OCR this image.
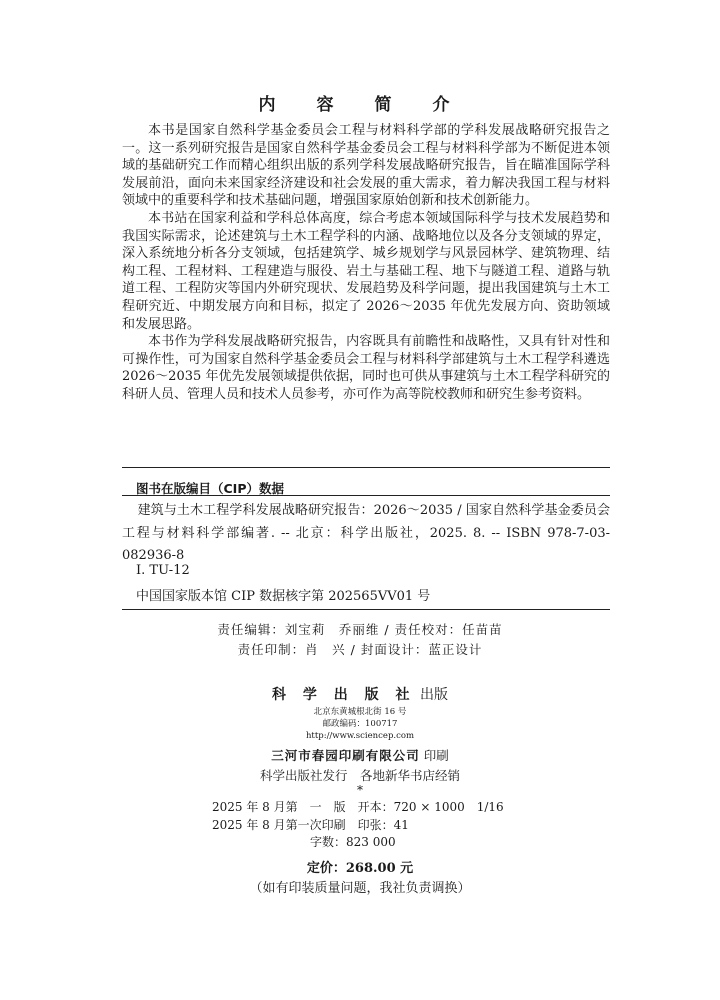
内　容　简　介

本书是国家自然科学基金委员会工程与材料科学部的学科发展战略研究报告之一。这一系列研究报告是国家自然科学基金委员会工程与材料科学部为不断促进本领域的基础研究工作而精心组织出版的系列学科发展战略研究报告，旨在瞄准国际学科发展前沿，面向未来国家经济建设和社会发展的重大需求，着力解决我国工程与材料领域中的重要科学和技术基础问题，增强国家原始创新和技术创新能力。

本书站在国家利益和学科总体高度，综合考虑本领域国际科学与技术发展趋势和我国实际需求，论述建筑与土木工程学科的内涵、战略地位以及各分支领域的界定，深入系统地分析各分支领域，包括建筑学、城乡规划学与风景园林学、建筑物理、结构工程、工程材料、工程建造与服役、岩土与基础工程、地下与隧道工程、道路与轨道工程、工程防灾等国内外研究现状、发展趋势及科学问题，提出我国建筑与土木工程研究近、中期发展方向和目标，拟定了 2026～2035 年优先发展方向、资助领域和发展思路。

本书作为学科发展战略研究报告，内容既具有前瞻性和战略性，又具有针对性和可操作性，可为国家自然科学基金委员会工程与材料科学部建筑与土木工程学科遴选 2026～2035 年优先发展领域提供依据，同时也可供从事建筑与土木工程学科研究的科研人员、管理人员和技术人员参考，亦可作为高等院校教师和研究生参考资料。

图书在版编目（CIP）数据
建筑与土木工程学科发展战略研究报告：2026～2035 / 国家自然科学基金委员会工程与材料科学部编著. -- 北京：科学出版社，2025. 8. -- ISBN 978-7-03-082936-8
Ⅰ. TU-12
中国国家版本馆 CIP 数据核字第 202565VV01 号
责任编辑：刘宝莉　乔丽维 / 责任校对：任苗苗
责任印制：肖　兴 / 封面设计：蓝正设计
科 学 出 版 社 出版
北京东黄城根北街 16 号
邮政编码：100717
http://www.sciencep.com
三河市春园印刷有限公司 印刷
科学出版社发行　各地新华书店经销
*
2025 年 8 月第　一　版　开本：720 × 1000　1/16
2025 年 8 月第一次印刷　印张：41
字数：823 000
定价：268.00 元
（如有印装质量问题，我社负责调换）
